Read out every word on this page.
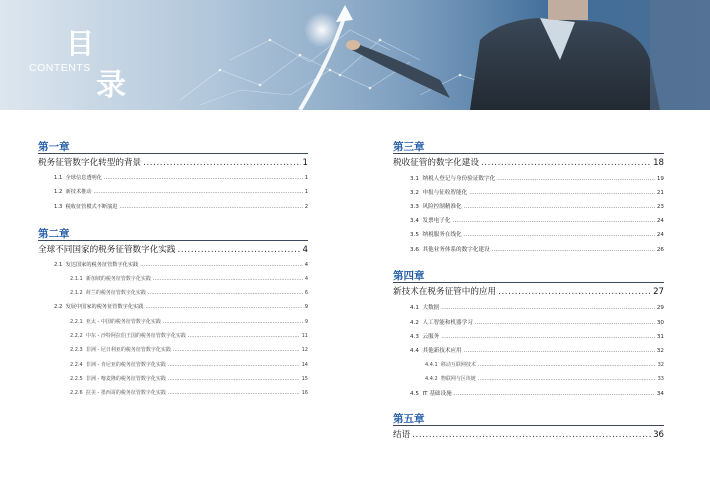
目
CONTENTS 录
第一章
税务征管数字化转型的背景 .....	1
1.1 全球信息透明化 .....	1
1.2 新技术推动 .....	1
1.3 税收征管模式不断演进 .....	2
第二章
全球不同国家的税务征管数字化实践 .....	4
2.1 发达国家的税务征管数字化实践 .....	4
2.1.1 新加坡的税务征管数字化实践 .....	4
2.1.2 荷兰的税务征管数字化实践 .....	6
2.2 发展中国家的税务征管数字化实践 .....	9
2.2.1 亚太 - 中国的税务征管数字化实践 .....	9
2.2.2 中东 - 沙特阿拉伯王国的税务征管数字化实践 .....	11
2.2.3 非洲 - 尼日利亚的税务征管数字化实践 .....	12
2.2.4 非洲 - 肯尼亚的税务征管数字化实践 .....	14
2.2.5 非洲 - 喀麦隆的税务征管数字化实践 .....	15
2.2.6 拉美 - 墨西哥的税务征管数字化实践 .....	16
第三章
税收征管的数字化建设 .....	18
3.1 纳税人登记与身份验证数字化 .....	19
3.2 申报与征收智能化 .....	21
3.3 风险控制精准化 .....	23
3.4 发票电子化 .....	24
3.5 纳税服务在线化 .....	24
3.6 其他业务体系的数字化建设 .....	26
第四章
新技术在税务征管中的应用 .....	27
4.1 大数据 .....	29
4.2 人工智能和机器学习 .....	30
4.3 云服务 .....	31
4.4 其他新技术应用 .....	32
4.4.1 移动互联网技术 .....	32
4.4.2 物联网与区块链 .....	33
4.5 IT 基础设施 .....	34
第五章
结语 .....	36
